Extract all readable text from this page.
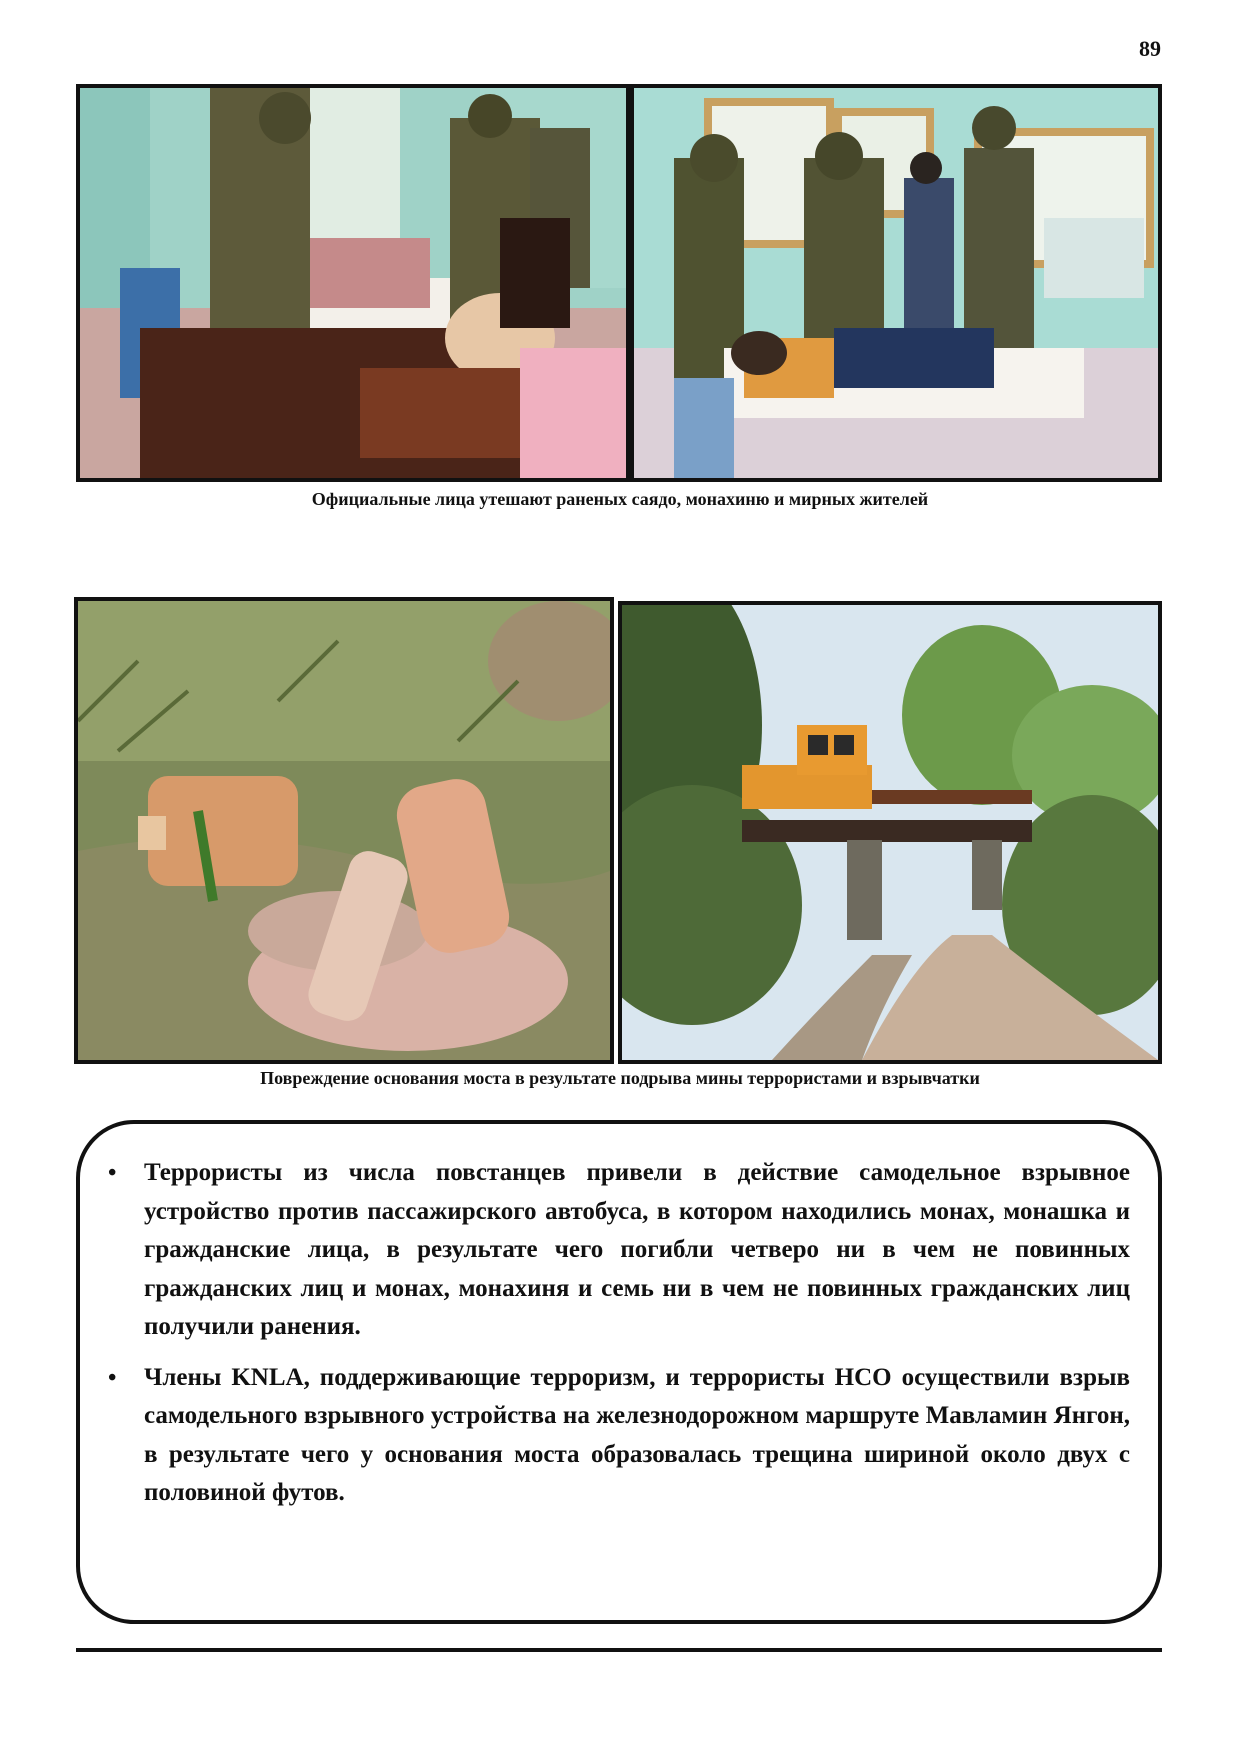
89
Официальные лица утешают раненых саядо, монахиню и мирных жителей
Повреждение основания моста в результате подрыва мины террористами и взрывчатки
• Террористы из числа повстанцев привели в действие самодельное взрывное устройство против пассажирского автобуса, в котором находились монах, монашка и гражданские лица, в результате чего погибли четверо ни в чем не повинных гражданских лиц и монах, монахиня и семь ни в чем не повинных гражданских лиц получили ранения.
• Члены KNLA, поддерживающие терроризм, и террористы НСО осуществили взрыв самодельного взрывного устройства на железнодорожном маршруте Мавламин Янгон, в результате чего у основания моста образовалась трещина шириной около двух с половиной футов.
